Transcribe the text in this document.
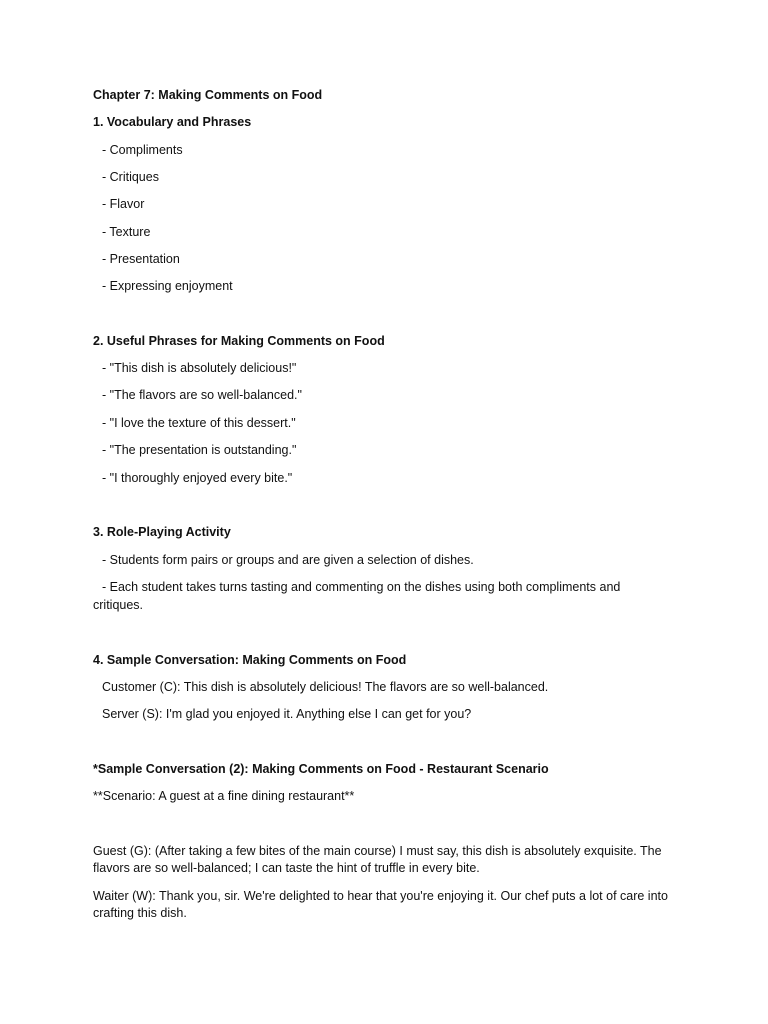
Chapter 7: Making Comments on Food
1. Vocabulary and Phrases
- Compliments
- Critiques
- Flavor
- Texture
- Presentation
- Expressing enjoyment
2. Useful Phrases for Making Comments on Food
- "This dish is absolutely delicious!"
- "The flavors are so well-balanced."
- "I love the texture of this dessert."
- "The presentation is outstanding."
- "I thoroughly enjoyed every bite."
3. Role-Playing Activity
- Students form pairs or groups and are given a selection of dishes.
- Each student takes turns tasting and commenting on the dishes using both compliments and
critiques.
4. Sample Conversation: Making Comments on Food
Customer (C): This dish is absolutely delicious! The flavors are so well-balanced.
Server (S): I'm glad you enjoyed it. Anything else I can get for you?
*Sample Conversation (2): Making Comments on Food - Restaurant Scenario
**Scenario: A guest at a fine dining restaurant**
Guest (G): (After taking a few bites of the main course) I must say, this dish is absolutely exquisite. The flavors are so well-balanced; I can taste the hint of truffle in every bite.
Waiter (W): Thank you, sir. We're delighted to hear that you're enjoying it. Our chef puts a lot of care into crafting this dish.
